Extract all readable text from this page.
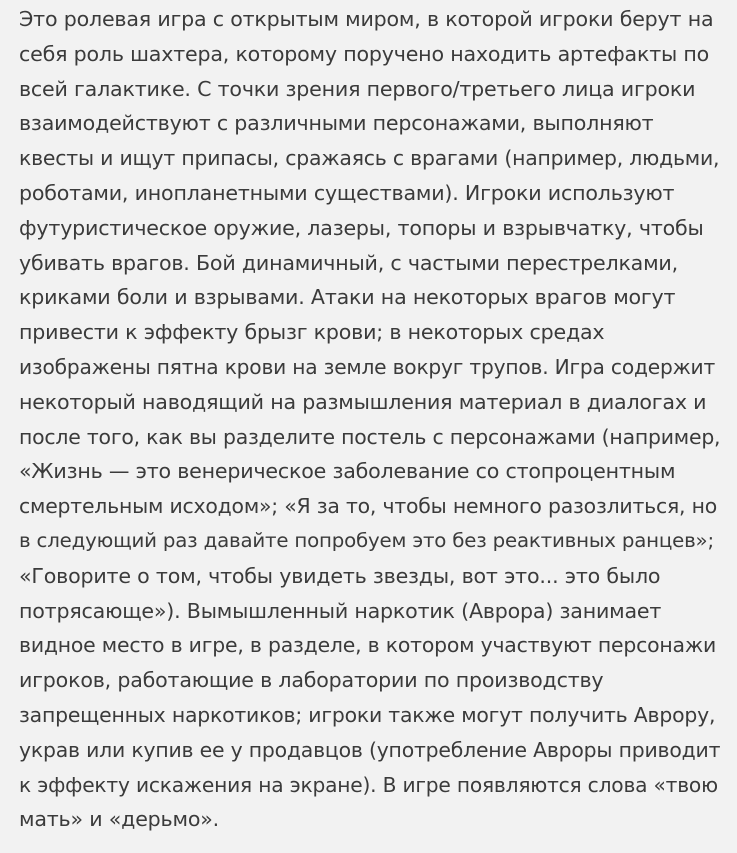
Это ролевая игра с открытым миром, в которой игроки берут на
себя роль шахтера, которому поручено находить артефакты по
всей галактике. С точки зрения первого/третьего лица игроки
взаимодействуют с различными персонажами, выполняют
квесты и ищут припасы, сражаясь с врагами (например, людьми,
роботами, инопланетными существами). Игроки используют
футуристическое оружие, лазеры, топоры и взрывчатку, чтобы
убивать врагов. Бой динамичный, с частыми перестрелками,
криками боли и взрывами. Атаки на некоторых врагов могут
привести к эффекту брызг крови; в некоторых средах
изображены пятна крови на земле вокруг трупов. Игра содержит
некоторый наводящий на размышления материал в диалогах и
после того, как вы разделите постель с персонажами (например,
«Жизнь — это венерическое заболевание со стопроцентным
смертельным исходом»; «Я за то, чтобы немного разозлиться, но
в следующий раз давайте попробуем это без реактивных ранцев»;
«Говорите о том, чтобы увидеть звезды, вот это... это было
потрясающе»). Вымышленный наркотик (Аврора) занимает
видное место в игре, в разделе, в котором участвуют персонажи
игроков, работающие в лаборатории по производству
запрещенных наркотиков; игроки также могут получить Аврору,
украв или купив ее у продавцов (употребление Авроры приводит
к эффекту искажения на экране). В игре появляются слова «твою
мать» и «дерьмо».
